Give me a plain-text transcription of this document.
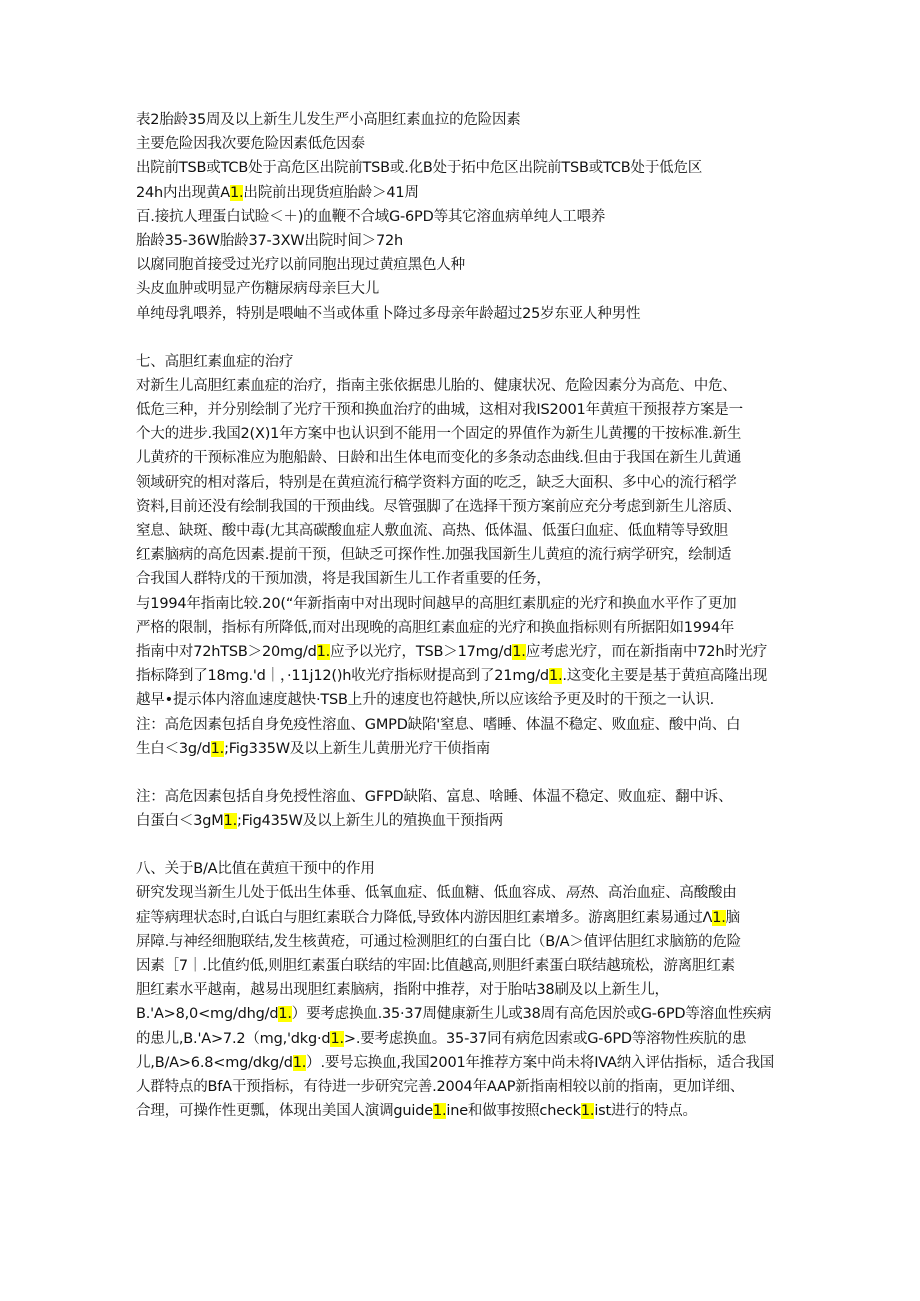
表2胎龄35周及以上新生儿发生严小高胆红素血拉的危险因素
主要危险因我次要危险因素低危因泰
出院前TSB或TCB处于高危区出院前TSB或.化B处于拓中危区出院前TSB或TCB处于低危区
24h内出现黄A1.出院前出现货疸胎龄＞41周
百.接抗人理蛋白试睑＜＋)的血鞭不合域G-6PD等其它溶血病单纯人工喂养
胎龄35-36W胎龄37-3XW出院时间＞72h
以腐同胞首接受过光疗以前同胞出现过黄疸黑色人种
头皮血肿或明显产伤糖尿病母亲巨大儿
单纯母乳喂养，特别是喂岫不当或体重卜降过多母亲年龄超过25岁东亚人种男性
七、高胆红素血症的治疗
对新生儿高胆红素血症的治疗，指南主张依据患儿胎的、健康状况、危险因素分为高危、中危、
低危三种，并分别绘制了光疗干预和换血治疗的曲城，这相对我IS2001年黄疸干预报荐方案是一
个大的进步.我国2(X)1年方案中也认识到不能用一个固定的界值作为新生儿黄攫的干按标准.新生
儿黄疥的干预标准应为胞船龄、日龄和出生体电而变化的多条动态曲线.但由于我国在新生儿黄通
领域研究的相对落后，特别是在黄疸流行稿学资料方面的吃乏，缺乏大面积、多中心的流行稻学
资料,目前还没有绘制我国的干预曲线。尽管强脚了在选择干预方案前应充分考虑到新生儿溶质、
窒息、缺斑、酸中毒(尢其高碳酸血症人敷血流、高热、低体温、低蛋臼血症、低血精等导致胆
红素脑病的高危因素.提前干预，但缺乏可探作性.加强我国新生儿黄疸的流行病学研究，绘制适
合我国人群特戊的干预加溃，将是我国新生儿工作者重要的任务，
与1994年指南比较.20(“年新指南中对出现时间越早的高胆红素肌症的光疗和换血水平作了更加
严格的限制，指标有所降低,而对出现晚的高胆红素血症的光疗和换血指标则有所据阳如1994年
指南中对72hTSB＞20mg∕d1.应予以光疗，TSB＞17mg∕d1.应考虑光疗，而在新指南中72h时光疗
指标降到了18mg.'d｜，·11j12()h收光疗指标财提高到了21mg∕d1..这变化主要是基于黄疸高隆出现
越早•提示体内溶血速度越快·TSB上升的速度也符越快,所以应该给予更及时的干预之一认识.
注：高危因素包括自身免疫性溶血、GMPD缺陷'窒息、嗜睡、体温不稳定、败血症、酸中尚、白
生白＜3g∕d1.;Fig335W及以上新生儿黄册光疗干侦指南
注：高危因素包括自身免授性溶血、GFPD缺陷、富息、啥睡、体温不稳定、败血症、翻中诉、
白蛋白＜3gM1.;Fig435W及以上新生儿的殖换血干预指两
八、关于B/A比值在黄疸干预中的作用
研究发现当新生儿处于低出生体垂、低氧血症、低血糖、低血容成、鬲热、高治血症、高酸酸由
症等病理状态时,白诋白与胆红素联合力降低,导致体内游因胆红素增多。游离胆红素易通过Λ1.脑
屏障.与神经细胞联结,发生核黄疮，可通过检测胆红的白蛋白比（B/A＞值评估胆红求脑筋的危险
因素［7｜.比值约低,则胆红素蛋白联结的牢固:比值越高,则胆纤素蛋白联结越琉松，游离胆红素
胆红素水平越南，越易出现胆红素脑病，指附中推荐，对于胎咕38刷及以上新生儿，
B.'A>8,0<mg∕dhg∕d1.）要考虑换血.35·37周健康新生儿或38周有高危因於或G-6PD等溶血性疾病
的患儿,B.'A>7.2（mg,'dkg·d1.>.要考虑换血。35-37同有病危因索或G-6PD等溶物性疾肮的患
儿,B/A>6.8<mg∕dkg∕d1.）.要号忘换血,我国2001年推荐方案中尚未将IVA纳入评估指标，适合我国
人群特点的BfA干预指标，有待进一步研究完善.2004年AAP新指南相较以前的指南，更加详细、
合理，可操作性更瓢，体现出美国人演调guide1.ine和做事按照check1.ist进行的特点。
